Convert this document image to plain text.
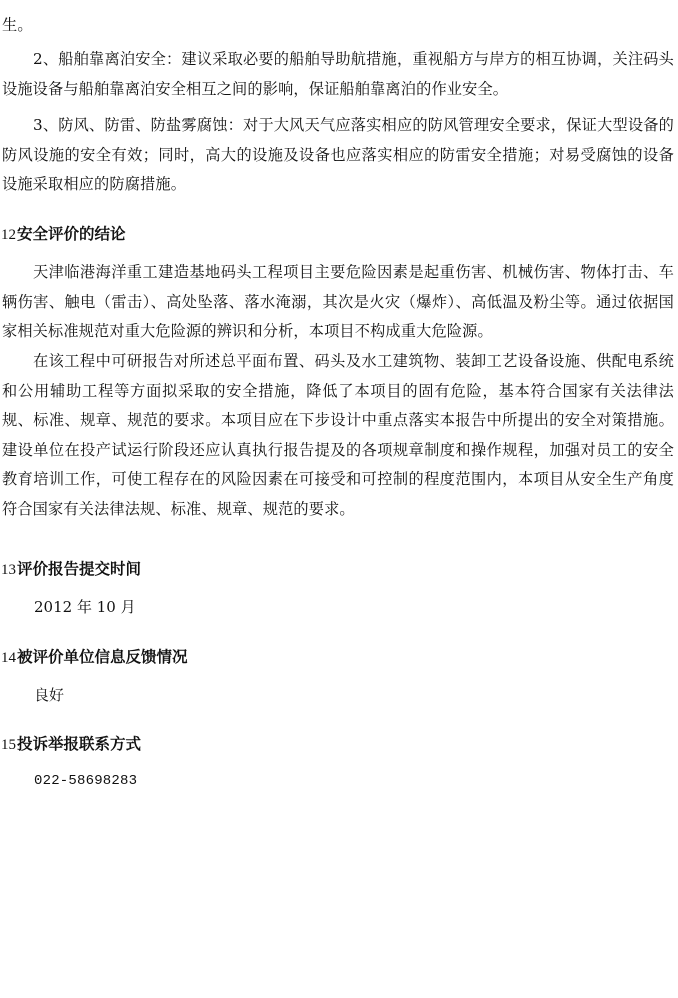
生。

2、船舶靠离泊安全：建议采取必要的船舶导助航措施，重视船方与岸方的相互协调，关注码头设施设备与船舶靠离泊安全相互之间的影响，保证船舶靠离泊的作业安全。

3、防风、防雷、防盐雾腐蚀：对于大风天气应落实相应的防风管理安全要求，保证大型设备的防风设施的安全有效；同时，高大的设施及设备也应落实相应的防雷安全措施；对易受腐蚀的设备设施采取相应的防腐措施。

12安全评价的结论

天津临港海洋重工建造基地码头工程项目主要危险因素是起重伤害、机械伤害、物体打击、车辆伤害、触电（雷击）、高处坠落、落水淹溺，其次是火灾（爆炸）、高低温及粉尘等。通过依据国家相关标准规范对重大危险源的辨识和分析，本项目不构成重大危险源。

在该工程中可研报告对所述总平面布置、码头及水工建筑物、装卸工艺设备设施、供配电系统和公用辅助工程等方面拟采取的安全措施，降低了本项目的固有危险，基本符合国家有关法律法规、标准、规章、规范的要求。本项目应在下步设计中重点落实本报告中所提出的安全对策措施。建设单位在投产试运行阶段还应认真执行报告提及的各项规章制度和操作规程，加强对员工的安全教育培训工作，可使工程存在的风险因素在可接受和可控制的程度范围内，本项目从安全生产角度符合国家有关法律法规、标准、规章、规范的要求。

13评价报告提交时间

2012 年 10 月

14被评价单位信息反馈情况

良好

15投诉举报联系方式

022-58698283
